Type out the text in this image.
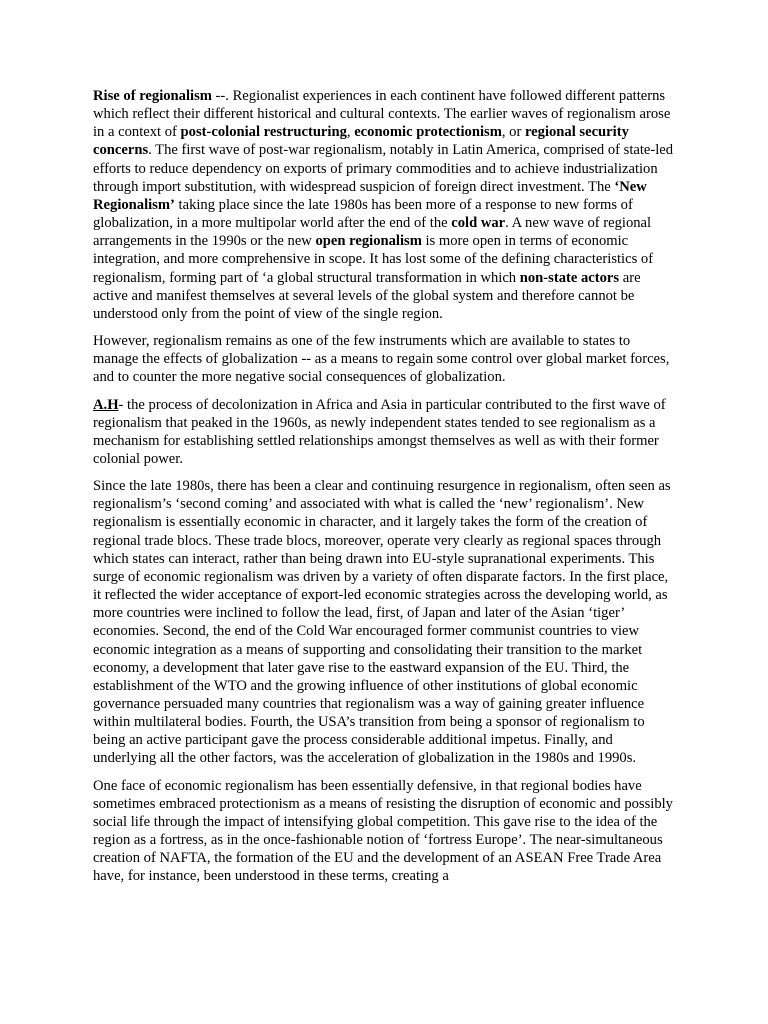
Rise of regionalism --. Regionalist experiences in each continent have followed different patterns which reflect their different historical and cultural contexts. The earlier waves of regionalism arose in a context of post-colonial restructuring, economic protectionism, or regional security concerns. The first wave of post-war regionalism, notably in Latin America, comprised of state-led efforts to reduce dependency on exports of primary commodities and to achieve industrialization through import substitution, with widespread suspicion of foreign direct investment. The ‘New Regionalism’ taking place since the late 1980s has been more of a response to new forms of globalization, in a more multipolar world after the end of the cold war. A new wave of regional arrangements in the 1990s or the new open regionalism is more open in terms of economic integration, and more comprehensive in scope. It has lost some of the defining characteristics of regionalism, forming part of ‘a global structural transformation in which non-state actors are active and manifest themselves at several levels of the global system and therefore cannot be understood only from the point of view of the single region.

However, regionalism remains as one of the few instruments which are available to states to manage the effects of globalization -- as a means to regain some control over global market forces, and to counter the more negative social consequences of globalization.

A.H- the process of decolonization in Africa and Asia in particular contributed to the first wave of regionalism that peaked in the 1960s, as newly independent states tended to see regionalism as a mechanism for establishing settled relationships amongst themselves as well as with their former colonial power.

Since the late 1980s, there has been a clear and continuing resurgence in regionalism, often seen as regionalism’s ‘second coming’ and associated with what is called the ‘new’ regionalism’. New regionalism is essentially economic in character, and it largely takes the form of the creation of regional trade blocs. These trade blocs, moreover, operate very clearly as regional spaces through which states can interact, rather than being drawn into EU-style supranational experiments. This surge of economic regionalism was driven by a variety of often disparate factors. In the first place, it reflected the wider acceptance of export-led economic strategies across the developing world, as more countries were inclined to follow the lead, first, of Japan and later of the Asian ‘tiger’ economies. Second, the end of the Cold War encouraged former communist countries to view economic integration as a means of supporting and consolidating their transition to the market economy, a development that later gave rise to the eastward expansion of the EU. Third, the establishment of the WTO and the growing influence of other institutions of global economic governance persuaded many countries that regionalism was a way of gaining greater influence within multilateral bodies. Fourth, the USA’s transition from being a sponsor of regionalism to being an active participant gave the process considerable additional impetus. Finally, and underlying all the other factors, was the acceleration of globalization in the 1980s and 1990s.

One face of economic regionalism has been essentially defensive, in that regional bodies have sometimes embraced protectionism as a means of resisting the disruption of economic and possibly social life through the impact of intensifying global competition. This gave rise to the idea of the region as a fortress, as in the once-fashionable notion of ‘fortress Europe’. The near-simultaneous creation of NAFTA, the formation of the EU and the development of an ASEAN Free Trade Area have, for instance, been understood in these terms, creating a
